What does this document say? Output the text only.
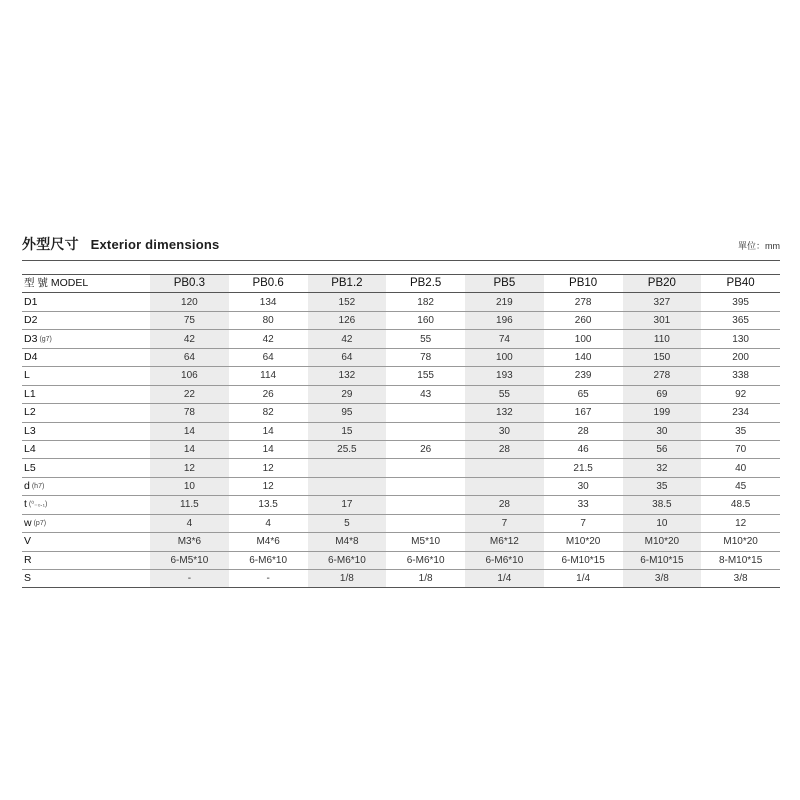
外型尺寸 Exterior dimensions	單位：mm
型 號 MODEL	PB0.3	PB0.6	PB1.2	PB2.5	PB5	PB10	PB20	PB40
D1	120	134	152	182	219	278	327	395
D2	75	80	126	160	196	260	301	365
D3 (g7)	42	42	42	55	74	100	110	130
D4	64	64	64	78	100	140	150	200
L	106	114	132	155	193	239	278	338
L1	22	26	29	43	55	65	69	92
L2	78	82	95		132	167	199	234
L3	14	14	15		30	28	30	35
L4	14	14	25.5	26	28	46	56	70
L5	12	12				21.5	32	40
d (h7)	10	12				30	35	45
t (⁰₋₀.₁)	11.5	13.5	17		28	33	38.5	48.5
w (p7)	4	4	5		7	7	10	12
V	M3*6	M4*6	M4*8	M5*10	M6*12	M10*20	M10*20	M10*20
R	6-M5*10	6-M6*10	6-M6*10	6-M6*10	6-M6*10	6-M10*15	6-M10*15	8-M10*15
S	-	-	1/8	1/8	1/4	1/4	3/8	3/8
